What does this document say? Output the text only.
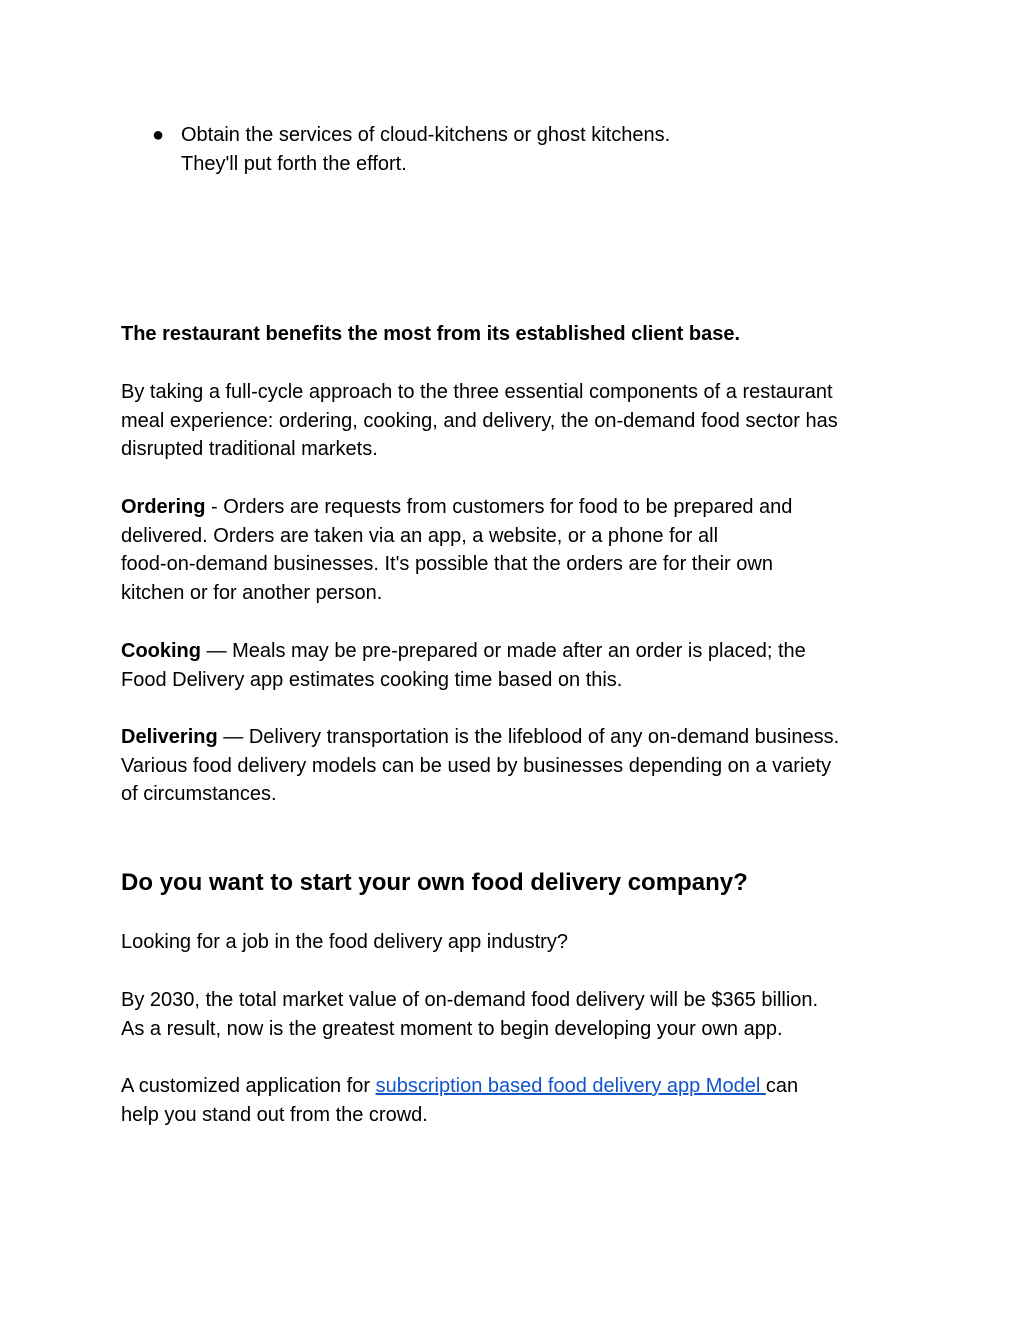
● Obtain the services of cloud-kitchens or ghost kitchens.
They'll put forth the effort.

The restaurant benefits the most from its established client base.

By taking a full-cycle approach to the three essential components of a restaurant
meal experience: ordering, cooking, and delivery, the on-demand food sector has
disrupted traditional markets.

Ordering - Orders are requests from customers for food to be prepared and
delivered. Orders are taken via an app, a website, or a phone for all
food-on-demand businesses. It's possible that the orders are for their own
kitchen or for another person.

Cooking — Meals may be pre-prepared or made after an order is placed; the
Food Delivery app estimates cooking time based on this.

Delivering — Delivery transportation is the lifeblood of any on-demand business.
Various food delivery models can be used by businesses depending on a variety
of circumstances.

Do you want to start your own food delivery company?

Looking for a job in the food delivery app industry?

By 2030, the total market value of on-demand food delivery will be $365 billion.
As a result, now is the greatest moment to begin developing your own app.

A customized application for subscription based food delivery app Model can
help you stand out from the crowd.
